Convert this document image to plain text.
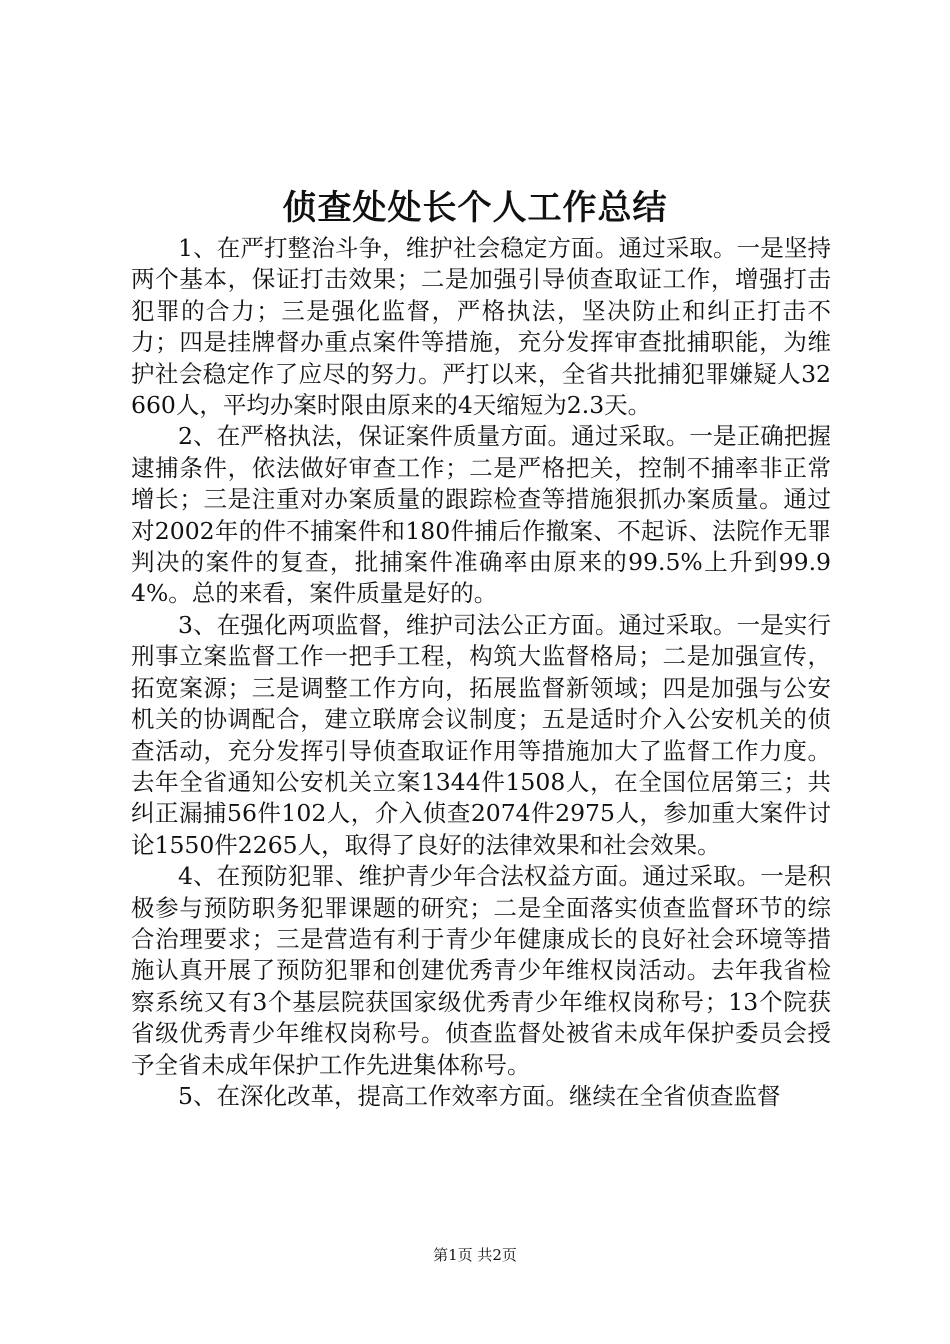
侦查处处长个人工作总结

1、在严打整治斗争，维护社会稳定方面。通过采取。一是坚持两个基本，保证打击效果；二是加强引导侦查取证工作，增强打击犯罪的合力；三是强化监督，严格执法，坚决防止和纠正打击不力；四是挂牌督办重点案件等措施，充分发挥审查批捕职能，为维护社会稳定作了应尽的努力。严打以来，全省共批捕犯罪嫌疑人32660人，平均办案时限由原来的4天缩短为2.3天。

2、在严格执法，保证案件质量方面。通过采取。一是正确把握逮捕条件，依法做好审查工作；二是严格把关，控制不捕率非正常增长；三是注重对办案质量的跟踪检查等措施狠抓办案质量。通过对2002年的件不捕案件和180件捕后作撤案、不起诉、法院作无罪判决的案件的复查，批捕案件准确率由原来的99.5%上升到99.94%。总的来看，案件质量是好的。

3、在强化两项监督，维护司法公正方面。通过采取。一是实行刑事立案监督工作一把手工程，构筑大监督格局；二是加强宣传，拓宽案源；三是调整工作方向，拓展监督新领域；四是加强与公安机关的协调配合，建立联席会议制度；五是适时介入公安机关的侦查活动，充分发挥引导侦查取证作用等措施加大了监督工作力度。去年全省通知公安机关立案1344件1508人，在全国位居第三；共纠正漏捕56件102人，介入侦查2074件2975人，参加重大案件讨论1550件2265人，取得了良好的法律效果和社会效果。

4、在预防犯罪、维护青少年合法权益方面。通过采取。一是积极参与预防职务犯罪课题的研究；二是全面落实侦查监督环节的综合治理要求；三是营造有利于青少年健康成长的良好社会环境等措施认真开展了预防犯罪和创建优秀青少年维权岗活动。去年我省检察系统又有3个基层院获国家级优秀青少年维权岗称号；13个院获省级优秀青少年维权岗称号。侦查监督处被省未成年保护委员会授予全省未成年保护工作先进集体称号。

5、在深化改革，提高工作效率方面。继续在全省侦查监督

第1页 共2页
